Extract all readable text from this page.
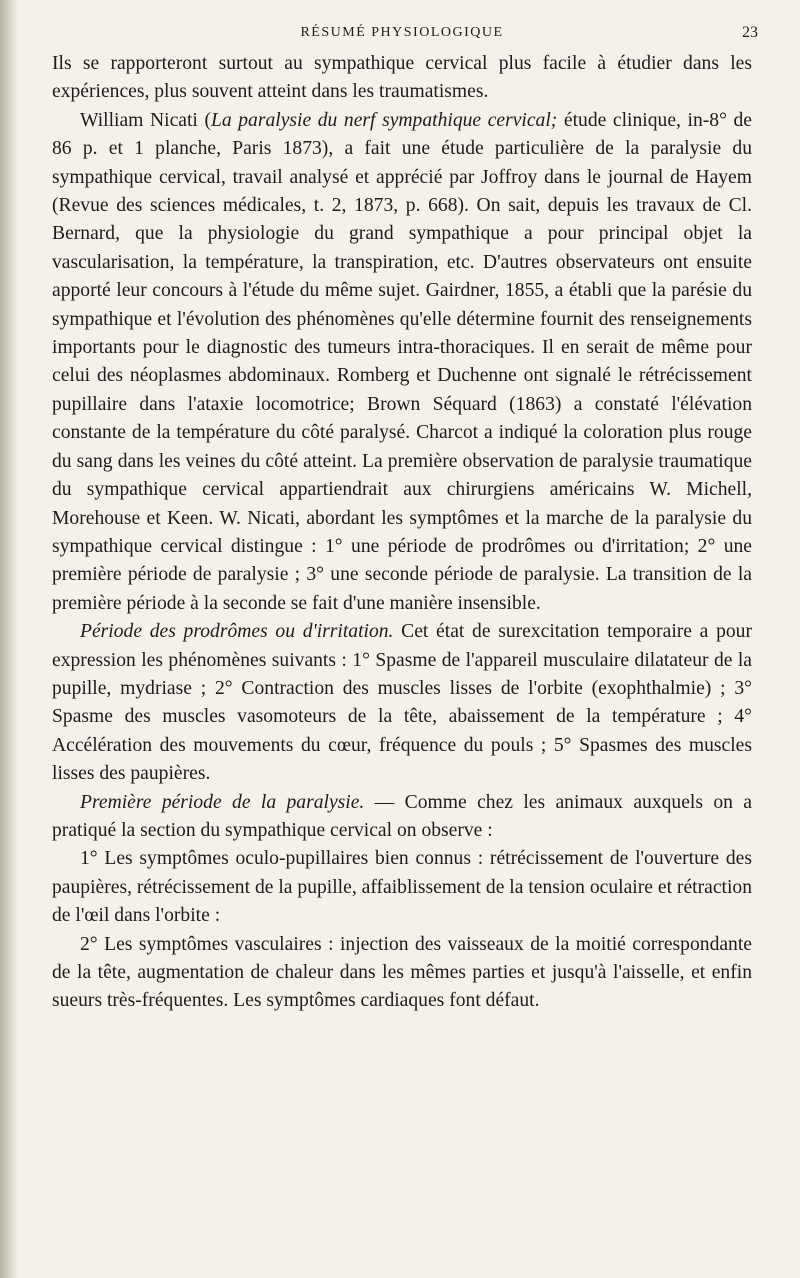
RÉSUMÉ PHYSIOLOGIQUE	23

Ils se rapporteront surtout au sympathique cervical plus facile à étudier dans les expériences, plus souvent atteint dans les traumatismes.

William Nicati (La paralysie du nerf sympathique cervical; étude clinique, in-8° de 86 p. et 1 planche, Paris 1873), a fait une étude particulière de la paralysie du sympathique cervical, travail analysé et apprécié par Joffroy dans le journal de Hayem (Revue des sciences médicales, t. 2, 1873, p. 668). On sait, depuis les travaux de Cl. Bernard, que la physiologie du grand sympathique a pour principal objet la vascularisation, la température, la transpiration, etc. D'autres observateurs ont ensuite apporté leur concours à l'étude du même sujet. Gairdner, 1855, a établi que la parésie du sympathique et l'évolution des phénomènes qu'elle détermine fournit des renseignements importants pour le diagnostic des tumeurs intra-thoraciques. Il en serait de même pour celui des néoplasmes abdominaux. Romberg et Duchenne ont signalé le rétrécissement pupillaire dans l'ataxie locomotrice; Brown Séquard (1863) a constaté l'élévation constante de la température du côté paralysé. Charcot a indiqué la coloration plus rouge du sang dans les veines du côté atteint. La première observation de paralysie traumatique du sympathique cervical appartiendrait aux chirurgiens américains W. Michell, Morehouse et Keen. W. Nicati, abordant les symptômes et la marche de la paralysie du sympathique cervical distingue : 1° une période de prodrômes ou d'irritation; 2° une première période de paralysie ; 3° une seconde période de paralysie. La transition de la première période à la seconde se fait d'une manière insensible.

Période des prodrômes ou d'irritation. Cet état de surexcitation temporaire a pour expression les phénomènes suivants : 1° Spasme de l'appareil musculaire dilatateur de la pupille, mydriase ; 2° Contraction des muscles lisses de l'orbite (exophthalmie) ; 3° Spasme des muscles vasomoteurs de la tête, abaissement de la température ; 4° Accélération des mouvements du cœur, fréquence du pouls ; 5° Spasmes des muscles lisses des paupières.

Première période de la paralysie. — Comme chez les animaux auxquels on a pratiqué la section du sympathique cervical on observe :

1° Les symptômes oculo-pupillaires bien connus : rétrécissement de l'ouverture des paupières, rétrécissement de la pupille, affaiblissement de la tension oculaire et rétraction de l'œil dans l'orbite :

2° Les symptômes vasculaires : injection des vaisseaux de la moitié correspondante de la tête, augmentation de chaleur dans les mêmes parties et jusqu'à l'aisselle, et enfin sueurs très-fréquentes. Les symptômes cardiaques font défaut.
